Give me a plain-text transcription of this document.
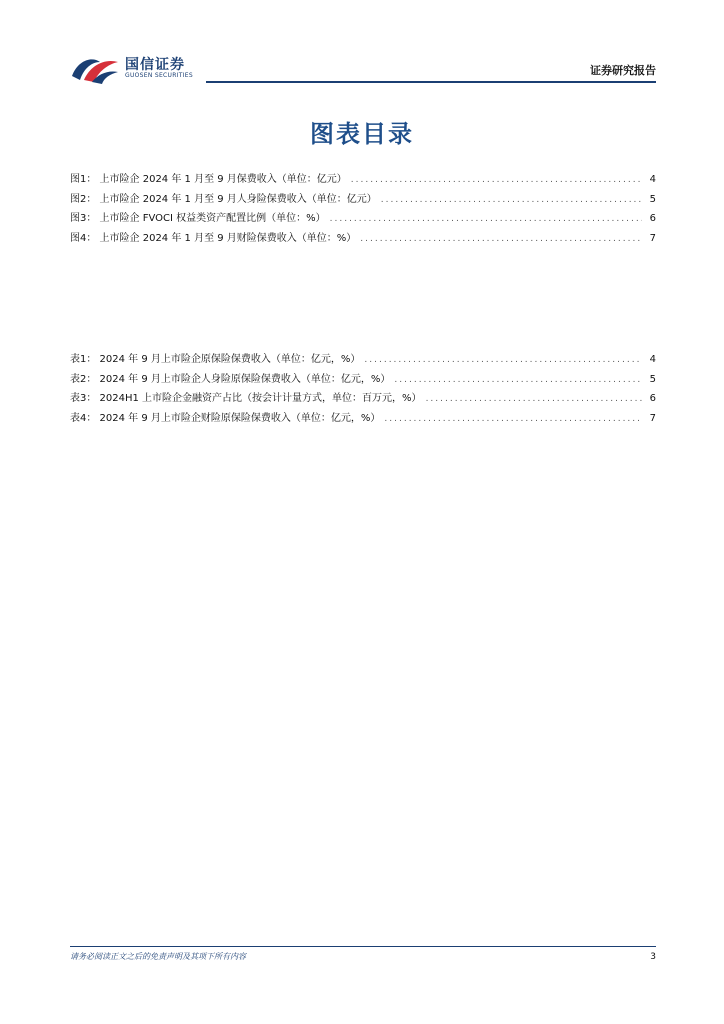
国信证券
GUOSEN SECURITIES	证券研究报告
图表目录
图1： 上市险企 2024 年 1 月至 9 月保费收入（单位：亿元） .....	4
图2： 上市险企 2024 年 1 月至 9 月人身险保费收入（单位：亿元） .....	5
图3： 上市险企 FVOCI 权益类资产配置比例（单位：%） .....	6
图4： 上市险企 2024 年 1 月至 9 月财险保费收入（单位：%） .....	7
表1： 2024 年 9 月上市险企原保险保费收入（单位：亿元，%） .....	4
表2： 2024 年 9 月上市险企人身险原保险保费收入（单位：亿元，%） .....	5
表3： 2024H1 上市险企金融资产占比（按会计计量方式，单位：百万元，%） .....	6
表4： 2024 年 9 月上市险企财险原保险保费收入（单位：亿元，%） .....	7
请务必阅读正文之后的免责声明及其项下所有内容	3
